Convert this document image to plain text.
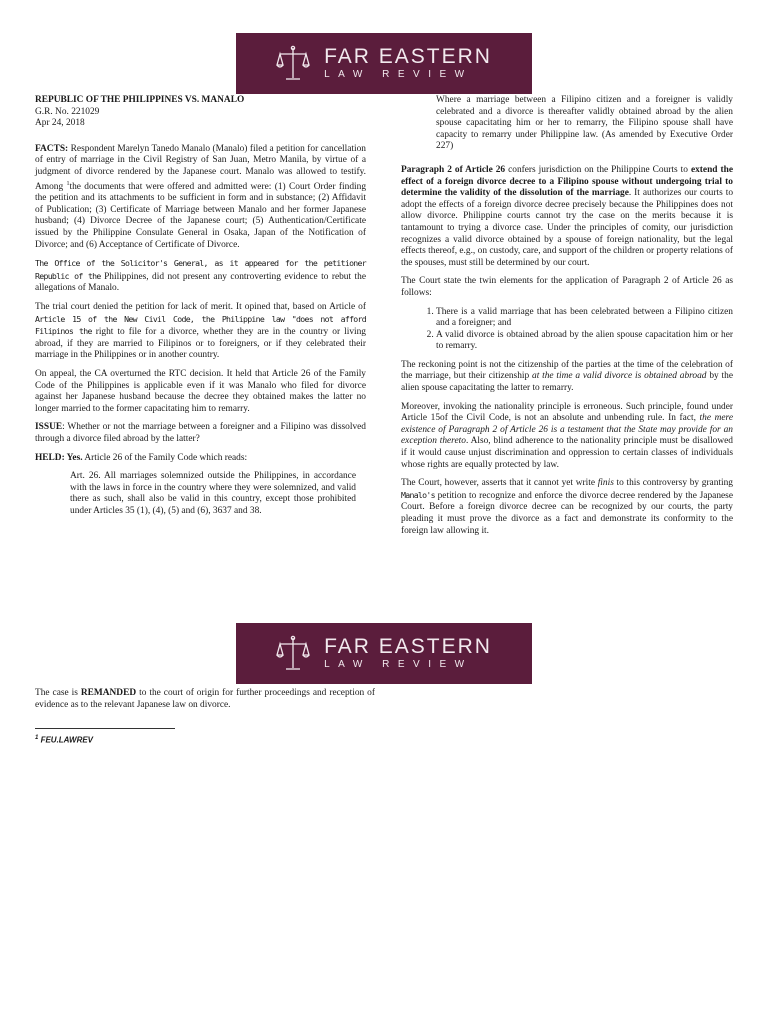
FAR EASTERN
LAW REVIEW

REPUBLIC OF THE PHILIPPINES VS. MANALO

G.R. No. 221029

Apr 24, 2018

FACTS: Respondent Marelyn Tanedo Manalo (Manalo) filed a petition for cancellation of entry of marriage in the Civil Registry of San Juan, Metro Manila, by virtue of a judgment of divorce rendered by the Japanese court. Manalo was allowed to testify. Among $^1$the documents that were offered and admitted were: (1) Court Order finding the petition and its attachments to be sufficient in form and in substance; (2) Affidavit of Publication; (3) Certificate of Marriage between Manalo and her former Japanese husband; (4) Divorce Decree of the Japanese court; (5) Authentication/Certificate issued by the Philippine Consulate General in Osaka, Japan of the Notification of Divorce; and (6) Acceptance of Certificate of Divorce.

The Office of the Solicitor's General, as it appeared for the petitioner Republic of the Philippines, did not present any controverting evidence to rebut the allegations of Manalo.

The trial court denied the petition for lack of merit. It opined that, based on Article of Article 15 of the New Civil Code, the Philippine law "does not afford Filipinos the right to file for a divorce, whether they are in the country or living abroad, if they are married to Filipinos or to foreigners, or if they celebrated their marriage in the Philippines or in another country.

On appeal, the CA overturned the RTC decision. It held that Article 26 of the Family Code of the Philippines is applicable even if it was Manalo who filed for divorce against her Japanese husband because the decree they obtained makes the latter no longer married to the former capacitating him to remarry.

ISSUE: Whether or not the marriage between a foreigner and a Filipino was dissolved through a divorce filed abroad by the latter?

HELD: Yes. Article 26 of the Family Code which reads:

Art. 26. All marriages solemnized outside the Philippines, in accordance with the laws in force in the country where they were solemnized, and valid there as such, shall also be valid in this country, except those prohibited under Articles 35 (1), (4), (5) and (6), 3637 and 38.

Where a marriage between a Filipino citizen and a foreigner is validly celebrated and a divorce is thereafter validly obtained abroad by the alien spouse capacitating him or her to remarry, the Filipino spouse shall have capacity to remarry under Philippine law. (As amended by Executive Order 227)

Paragraph 2 of Article 26 confers jurisdiction on the Philippine Courts to extend the effect of a foreign divorce decree to a Filipino spouse without undergoing trial to determine the validity of the dissolution of the marriage. It authorizes our courts to adopt the effects of a foreign divorce decree precisely because the Philippines does not allow divorce. Philippine courts cannot try the case on the merits because it is tantamount to trying a divorce case. Under the principles of comity, our jurisdiction recognizes a valid divorce obtained by a spouse of foreign nationality, but the legal effects thereof, e.g., on custody, care, and support of the children or property relations of the spouses, must still be determined by our court.

The Court state the twin elements for the application of Paragraph 2 of Article 26 as follows:

1. There is a valid marriage that has been celebrated between a Filipino citizen and a foreigner; and
2. A valid divorce is obtained abroad by the alien spouse capacitation him or her to remarry.

The reckoning point is not the citizenship of the parties at the time of the celebration of the marriage, but their citizenship at the time a valid divorce is obtained abroad by the alien spouse capacitating the latter to remarry.

Moreover, invoking the nationality principle is erroneous. Such principle, found under Article 15of the Civil Code, is not an absolute and unbending rule. In fact, the mere existence of Paragraph 2 of Article 26 is a testament that the State may provide for an exception thereto. Also, blind adherence to the nationality principle must be disallowed if it would cause unjust discrimination and oppression to certain classes of individuals whose rights are equally protected by law.

The Court, however, asserts that it cannot yet write finis to this controversy by granting Manalo's petition to recognize and enforce the divorce decree rendered by the Japanese Court. Before a foreign divorce decree can be recognized by our courts, the party pleading it must prove the divorce as a fact and demonstrate its conformity to the foreign law allowing it.

FAR EASTERN
LAW REVIEW

The case is REMANDED to the court of origin for further proceedings and reception of evidence as to the relevant Japanese law on divorce.

$^1$ FEU.LAWREV
